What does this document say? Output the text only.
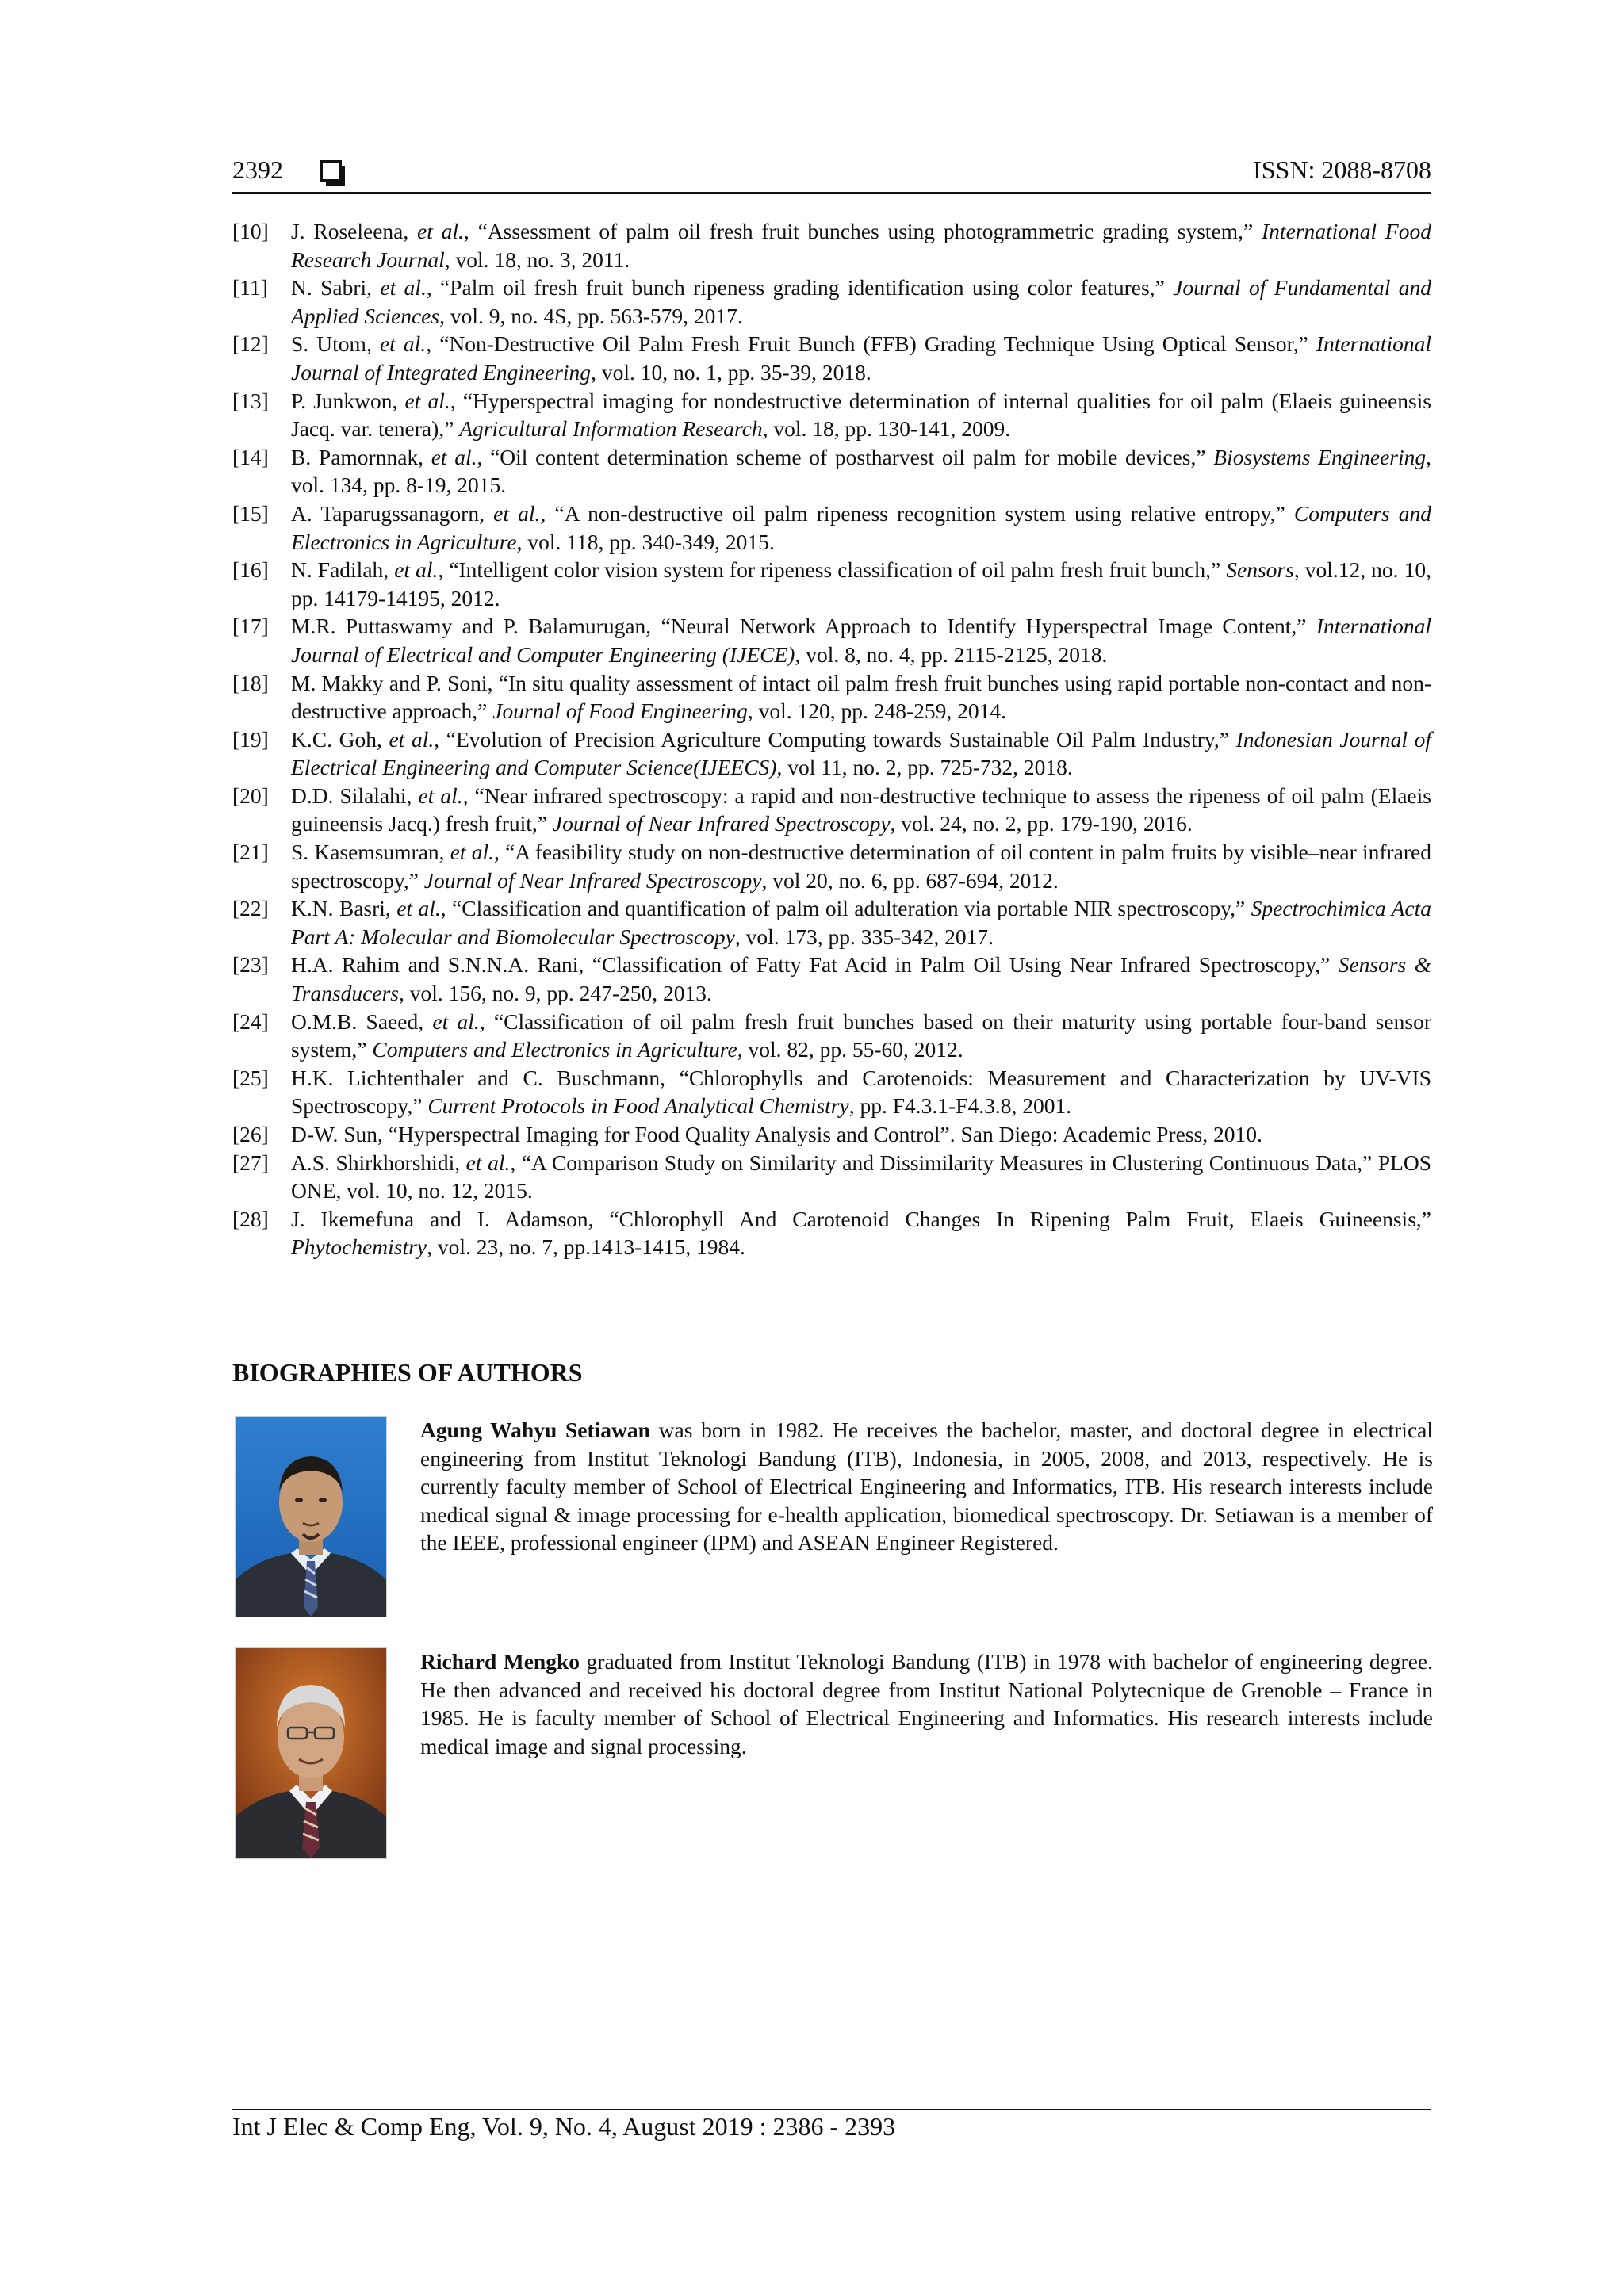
2392	ISSN: 2088-8708
[10] J. Roseleena, et al., “Assessment of palm oil fresh fruit bunches using photogrammetric grading system,” International Food Research Journal, vol. 18, no. 3, 2011.
[11] N. Sabri, et al., “Palm oil fresh fruit bunch ripeness grading identification using color features,” Journal of Fundamental and Applied Sciences, vol. 9, no. 4S, pp. 563-579, 2017.
[12] S. Utom, et al., “Non-Destructive Oil Palm Fresh Fruit Bunch (FFB) Grading Technique Using Optical Sensor,” International Journal of Integrated Engineering, vol. 10, no. 1, pp. 35-39, 2018.
[13] P. Junkwon, et al., “Hyperspectral imaging for nondestructive determination of internal qualities for oil palm (Elaeis guineensis Jacq. var. tenera),” Agricultural Information Research, vol. 18, pp. 130-141, 2009.
[14] B. Pamornnak, et al., “Oil content determination scheme of postharvest oil palm for mobile devices,” Biosystems Engineering, vol. 134, pp. 8-19, 2015.
[15] A. Taparugssanagorn, et al., “A non-destructive oil palm ripeness recognition system using relative entropy,” Computers and Electronics in Agriculture, vol. 118, pp. 340-349, 2015.
[16] N. Fadilah, et al., “Intelligent color vision system for ripeness classification of oil palm fresh fruit bunch,” Sensors, vol.12, no. 10, pp. 14179-14195, 2012.
[17] M.R. Puttaswamy and P. Balamurugan, “Neural Network Approach to Identify Hyperspectral Image Content,” International Journal of Electrical and Computer Engineering (IJECE), vol. 8, no. 4, pp. 2115-2125, 2018.
[18] M. Makky and P. Soni, “In situ quality assessment of intact oil palm fresh fruit bunches using rapid portable non-contact and non-destructive approach,” Journal of Food Engineering, vol. 120, pp. 248-259, 2014.
[19] K.C. Goh, et al., “Evolution of Precision Agriculture Computing towards Sustainable Oil Palm Industry,” Indonesian Journal of Electrical Engineering and Computer Science(IJEECS), vol 11, no. 2, pp. 725-732, 2018.
[20] D.D. Silalahi, et al., “Near infrared spectroscopy: a rapid and non-destructive technique to assess the ripeness of oil palm (Elaeis guineensis Jacq.) fresh fruit,” Journal of Near Infrared Spectroscopy, vol. 24, no. 2, pp. 179-190, 2016.
[21] S. Kasemsumran, et al., “A feasibility study on non-destructive determination of oil content in palm fruits by visible–near infrared spectroscopy,” Journal of Near Infrared Spectroscopy, vol 20, no. 6, pp. 687-694, 2012.
[22] K.N. Basri, et al., “Classification and quantification of palm oil adulteration via portable NIR spectroscopy,” Spectrochimica Acta Part A: Molecular and Biomolecular Spectroscopy, vol. 173, pp. 335-342, 2017.
[23] H.A. Rahim and S.N.N.A. Rani, “Classification of Fatty Fat Acid in Palm Oil Using Near Infrared Spectroscopy,” Sensors & Transducers, vol. 156, no. 9, pp. 247-250, 2013.
[24] O.M.B. Saeed, et al., “Classification of oil palm fresh fruit bunches based on their maturity using portable four-band sensor system,” Computers and Electronics in Agriculture, vol. 82, pp. 55-60, 2012.
[25] H.K. Lichtenthaler and C. Buschmann, “Chlorophylls and Carotenoids: Measurement and Characterization by UV-VIS Spectroscopy,” Current Protocols in Food Analytical Chemistry, pp. F4.3.1-F4.3.8, 2001.
[26] D-W. Sun, “Hyperspectral Imaging for Food Quality Analysis and Control”. San Diego: Academic Press, 2010.
[27] A.S. Shirkhorshidi, et al., “A Comparison Study on Similarity and Dissimilarity Measures in Clustering Continuous Data,” PLOS ONE, vol. 10, no. 12, 2015.
[28] J. Ikemefuna and I. Adamson, “Chlorophyll And Carotenoid Changes In Ripening Palm Fruit, Elaeis Guineensis,” Phytochemistry, vol. 23, no. 7, pp.1413-1415, 1984.
BIOGRAPHIES OF AUTHORS
Agung Wahyu Setiawan was born in 1982. He receives the bachelor, master, and doctoral degree in electrical engineering from Institut Teknologi Bandung (ITB), Indonesia, in 2005, 2008, and 2013, respectively. He is currently faculty member of School of Electrical Engineering and Informatics, ITB. His research interests include medical signal & image processing for e-health application, biomedical spectroscopy. Dr. Setiawan is a member of the IEEE, professional engineer (IPM) and ASEAN Engineer Registered.
Richard Mengko graduated from Institut Teknologi Bandung (ITB) in 1978 with bachelor of engineering degree. He then advanced and received his doctoral degree from Institut National Polytecnique de Grenoble – France in 1985. He is faculty member of School of Electrical Engineering and Informatics. His research interests include medical image and signal processing.
Int J Elec & Comp Eng, Vol. 9, No. 4, August 2019 : 2386 - 2393
